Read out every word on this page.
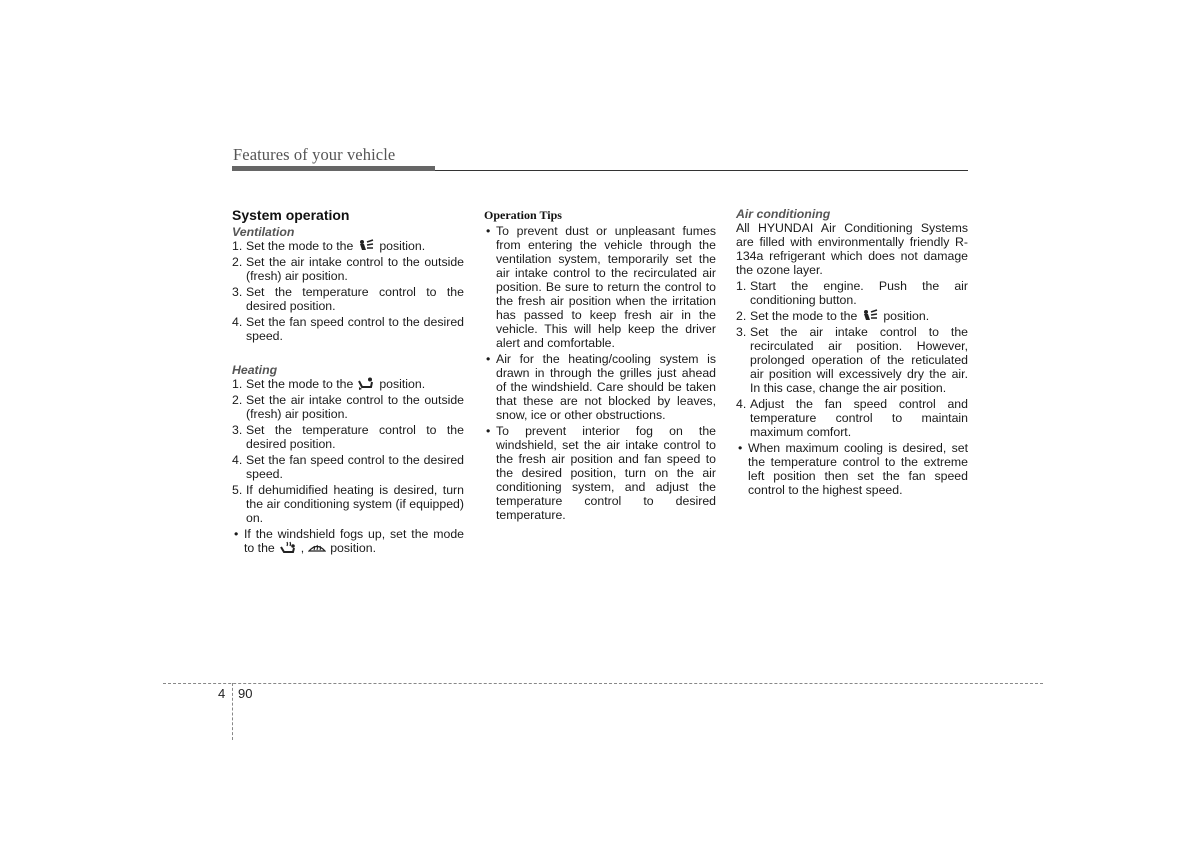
Features of your vehicle
System operation
Ventilation
1. Set the mode to the position.
2. Set the air intake control to the outside (fresh) air position.
3. Set the temperature control to the desired position.
4. Set the fan speed control to the desired speed.
Heating
1. Set the mode to the position.
2. Set the air intake control to the outside (fresh) air position.
3. Set the temperature control to the desired position.
4. Set the fan speed control to the desired speed.
5. If dehumidified heating is desired, turn the air conditioning system (if equipped) on.
• If the windshield fogs up, set the mode to the , position.
Operation Tips
• To prevent dust or unpleasant fumes from entering the vehicle through the ventilation system, temporarily set the air intake control to the recirculated air position. Be sure to return the control to the fresh air position when the irritation has passed to keep fresh air in the vehicle. This will help keep the driver alert and comfortable.
• Air for the heating/cooling system is drawn in through the grilles just ahead of the windshield. Care should be taken that these are not blocked by leaves, snow, ice or other obstructions.
• To prevent interior fog on the windshield, set the air intake control to the fresh air position and fan speed to the desired position, turn on the air conditioning system, and adjust the temperature control to desired temperature.
Air conditioning
All HYUNDAI Air Conditioning Systems are filled with environmentally friendly R-134a refrigerant which does not damage the ozone layer.
1. Start the engine. Push the air conditioning button.
2. Set the mode to the position.
3. Set the air intake control to the recirculated air position. However, prolonged operation of the reticulated air position will excessively dry the air. In this case, change the air position.
4. Adjust the fan speed control and temperature control to maintain maximum comfort.
• When maximum cooling is desired, set the temperature control to the extreme left position then set the fan speed control to the highest speed.
4 90
